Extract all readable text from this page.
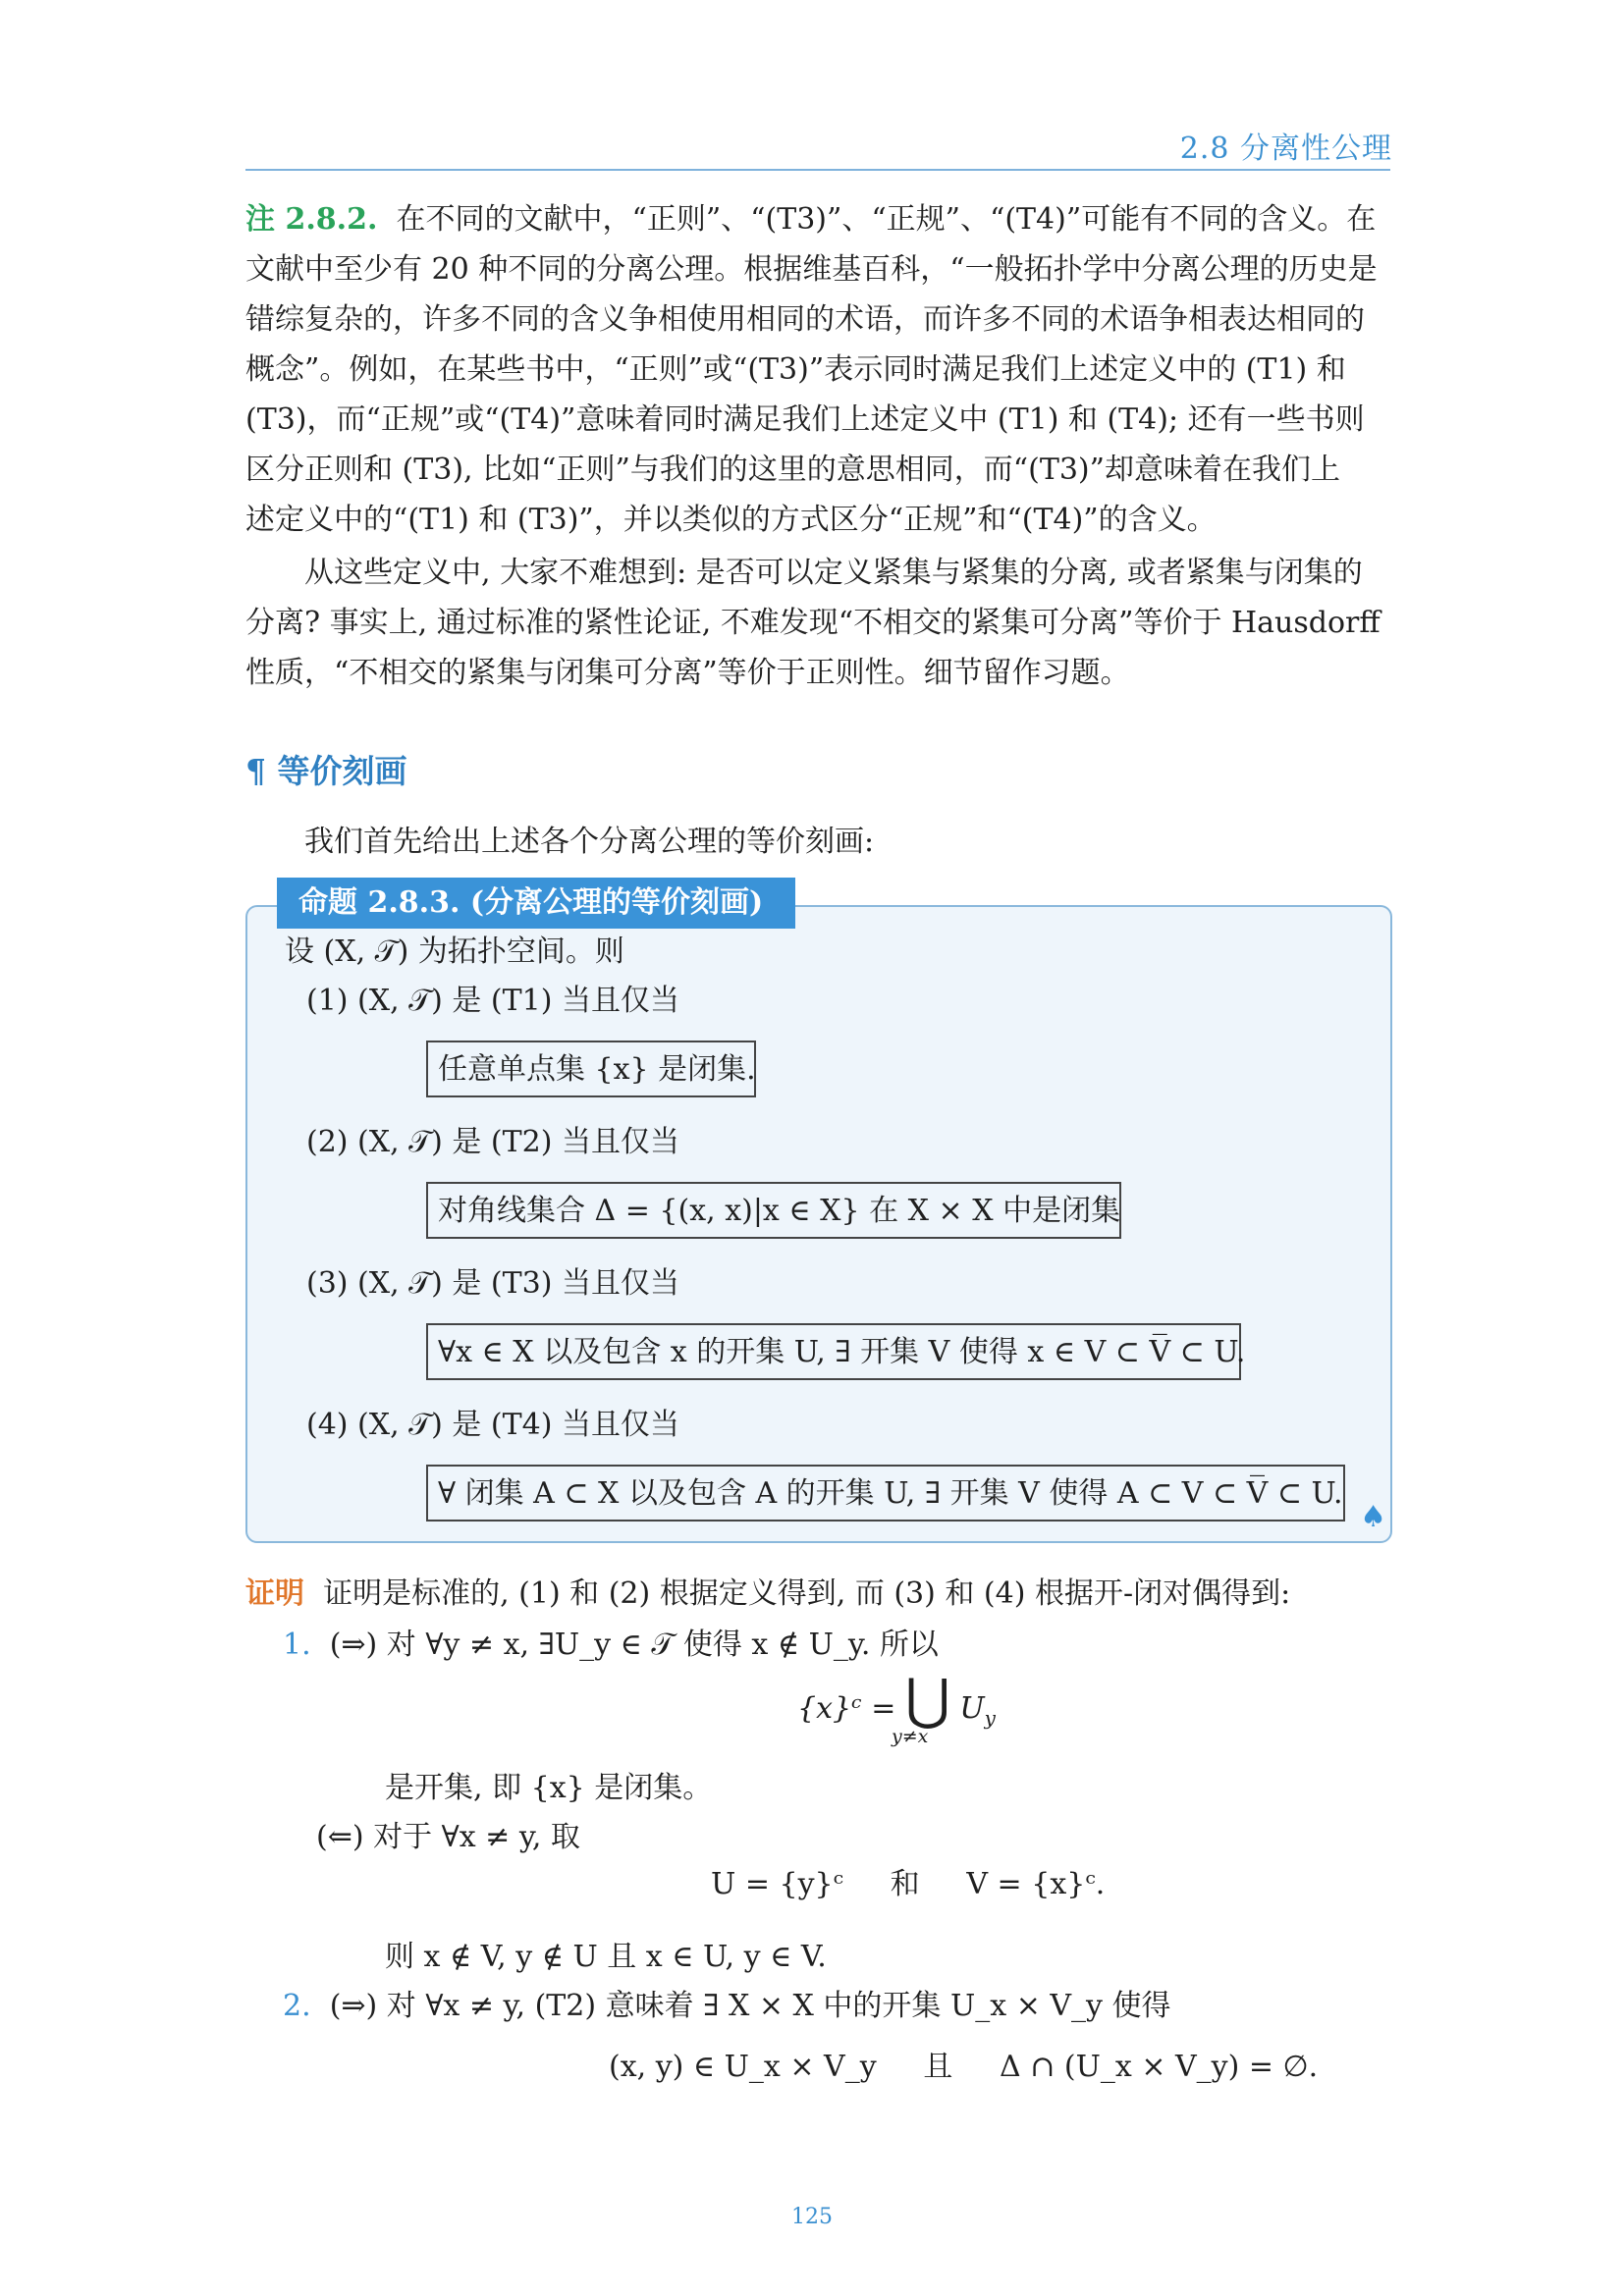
2.8 分离性公理
注 2.8.2. 在不同的文献中，“正则”、“(T3)”、“正规”、“(T4)”可能有不同的含义。在
文献中至少有 20 种不同的分离公理。根据维基百科，“一般拓扑学中分离公理的历史是
错综复杂的，许多不同的含义争相使用相同的术语，而许多不同的术语争相表达相同的
概念”。例如，在某些书中，“正则”或“(T3)”表示同时满足我们上述定义中的 (T1) 和
(T3)，而“正规”或“(T4)”意味着同时满足我们上述定义中 (T1) 和 (T4); 还有一些书则
区分正则和 (T3), 比如“正则”与我们的这里的意思相同，而“(T3)”却意味着在我们上
述定义中的“(T1) 和 (T3)”，并以类似的方式区分“正规”和“(T4)”的含义。
从这些定义中, 大家不难想到: 是否可以定义紧集与紧集的分离, 或者紧集与闭集的
分离? 事实上, 通过标准的紧性论证, 不难发现“不相交的紧集可分离”等价于 Hausdorff
性质，“不相交的紧集与闭集可分离”等价于正则性。细节留作习题。
¶ 等价刻画
我们首先给出上述各个分离公理的等价刻画:
命题 2.8.3. (分离公理的等价刻画)
设 (X, 𝒯) 为拓扑空间。则
(1) (X, 𝒯) 是 (T1) 当且仅当
任意单点集 {x} 是闭集.
(2) (X, 𝒯) 是 (T2) 当且仅当
对角线集合 Δ = {(x, x)|x ∈ X} 在 X × X 中是闭集
(3) (X, 𝒯) 是 (T3) 当且仅当
∀x ∈ X 以及包含 x 的开集 U, ∃ 开集 V 使得 x ∈ V ⊂ V̅ ⊂ U.
(4) (X, 𝒯) 是 (T4) 当且仅当
∀ 闭集 A ⊂ X 以及包含 A 的开集 U, ∃ 开集 V 使得 A ⊂ V ⊂ V̅ ⊂ U.
♠
证明 证明是标准的, (1) 和 (2) 根据定义得到, 而 (3) 和 (4) 根据开-闭对偶得到:
1. (⇒) 对 ∀y ≠ x, ∃U_y ∈ 𝒯 使得 x ∉ U_y. 所以
{x}ᶜ = ⋃ $U_y$
y≠x
是开集, 即 {x} 是闭集。
(⇐) 对于 ∀x ≠ y, 取
U = {y}ᶜ     和     V = {x}ᶜ.
则 x ∉ V, y ∉ U 且 x ∈ U, y ∈ V.
2. (⇒) 对 ∀x ≠ y, (T2) 意味着 ∃ X × X 中的开集 U_x × V_y 使得
(x, y) ∈ U_x × V_y     且     Δ ∩ (U_x × V_y) = ∅.
125
